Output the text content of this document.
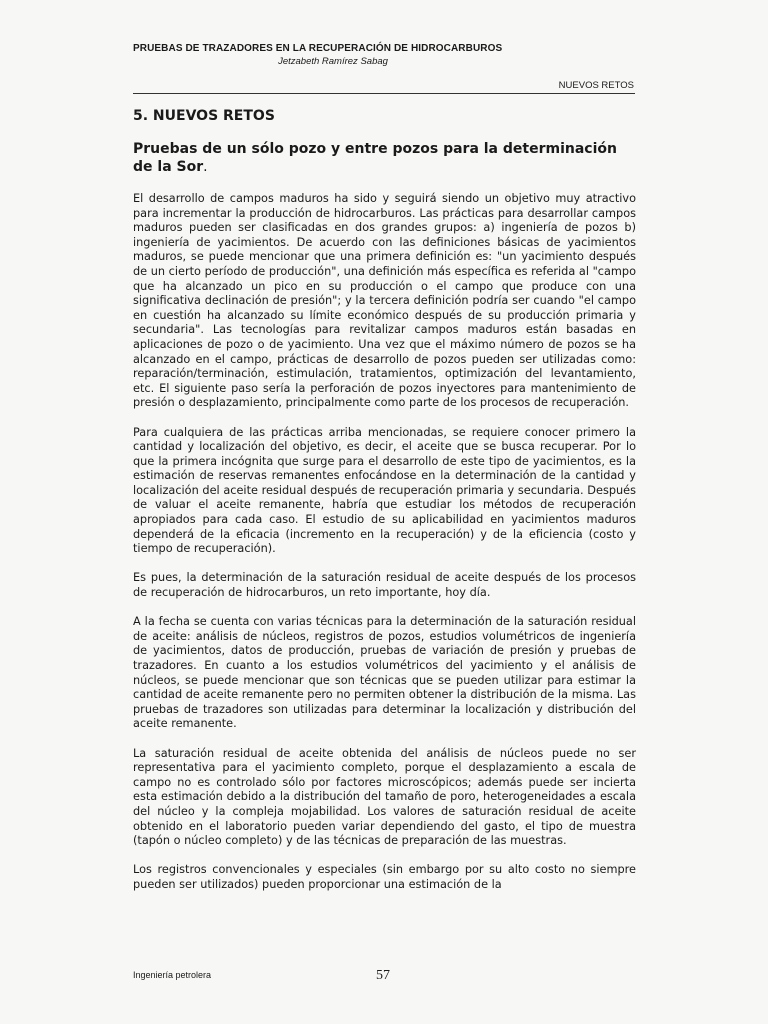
PRUEBAS DE TRAZADORES EN LA RECUPERACIÓN DE HIDROCARBUROS
Jetzabeth Ramírez Sabag
NUEVOS RETOS
5. NUEVOS RETOS
Pruebas de un sólo pozo y entre pozos para la determinación de la Sor.

El desarrollo de campos maduros ha sido y seguirá siendo un objetivo muy atractivo para incrementar la producción de hidrocarburos. Las prácticas para desarrollar campos maduros pueden ser clasificadas en dos grandes grupos: a) ingeniería de pozos b) ingeniería de yacimientos. De acuerdo con las definiciones básicas de yacimientos maduros, se puede mencionar que una primera definición es: "un yacimiento después de un cierto período de producción", una definición más específica es referida al "campo que ha alcanzado un pico en su producción o el campo que produce con una significativa declinación de presión"; y la tercera definición podría ser cuando "el campo en cuestión ha alcanzado su límite económico después de su producción primaria y secundaria". Las tecnologías para revitalizar campos maduros están basadas en aplicaciones de pozo o de yacimiento. Una vez que el máximo número de pozos se ha alcanzado en el campo, prácticas de desarrollo de pozos pueden ser utilizadas como: reparación/terminación, estimulación, tratamientos, optimización del levantamiento, etc. El siguiente paso sería la perforación de pozos inyectores para mantenimiento de presión o desplazamiento, principalmente como parte de los procesos de recuperación.

Para cualquiera de las prácticas arriba mencionadas, se requiere conocer primero la cantidad y localización del objetivo, es decir, el aceite que se busca recuperar. Por lo que la primera incógnita que surge para el desarrollo de este tipo de yacimientos, es la estimación de reservas remanentes enfocándose en la determinación de la cantidad y localización del aceite residual después de recuperación primaria y secundaria. Después de valuar el aceite remanente, habría que estudiar los métodos de recuperación apropiados para cada caso. El estudio de su aplicabilidad en yacimientos maduros dependerá de la eficacia (incremento en la recuperación) y de la eficiencia (costo y tiempo de recuperación).

Es pues, la determinación de la saturación residual de aceite después de los procesos de recuperación de hidrocarburos, un reto importante, hoy día.

A la fecha se cuenta con varias técnicas para la determinación de la saturación residual de aceite: análisis de núcleos, registros de pozos, estudios volumétricos de ingeniería de yacimientos, datos de producción, pruebas de variación de presión y pruebas de trazadores. En cuanto a los estudios volumétricos del yacimiento y el análisis de núcleos, se puede mencionar que son técnicas que se pueden utilizar para estimar la cantidad de aceite remanente pero no permiten obtener la distribución de la misma. Las pruebas de trazadores son utilizadas para determinar la localización y distribución del aceite remanente.

La saturación residual de aceite obtenida del análisis de núcleos puede no ser representativa para el yacimiento completo, porque el desplazamiento a escala de campo no es controlado sólo por factores microscópicos; además puede ser incierta esta estimación debido a la distribución del tamaño de poro, heterogeneidades a escala del núcleo y la compleja mojabilidad. Los valores de saturación residual de aceite obtenido en el laboratorio pueden variar dependiendo del gasto, el tipo de muestra (tapón o núcleo completo) y de las técnicas de preparación de las muestras.

Los registros convencionales y especiales (sin embargo por su alto costo no siempre pueden ser utilizados) pueden proporcionar una estimación de la

Ingeniería petrolera	57
